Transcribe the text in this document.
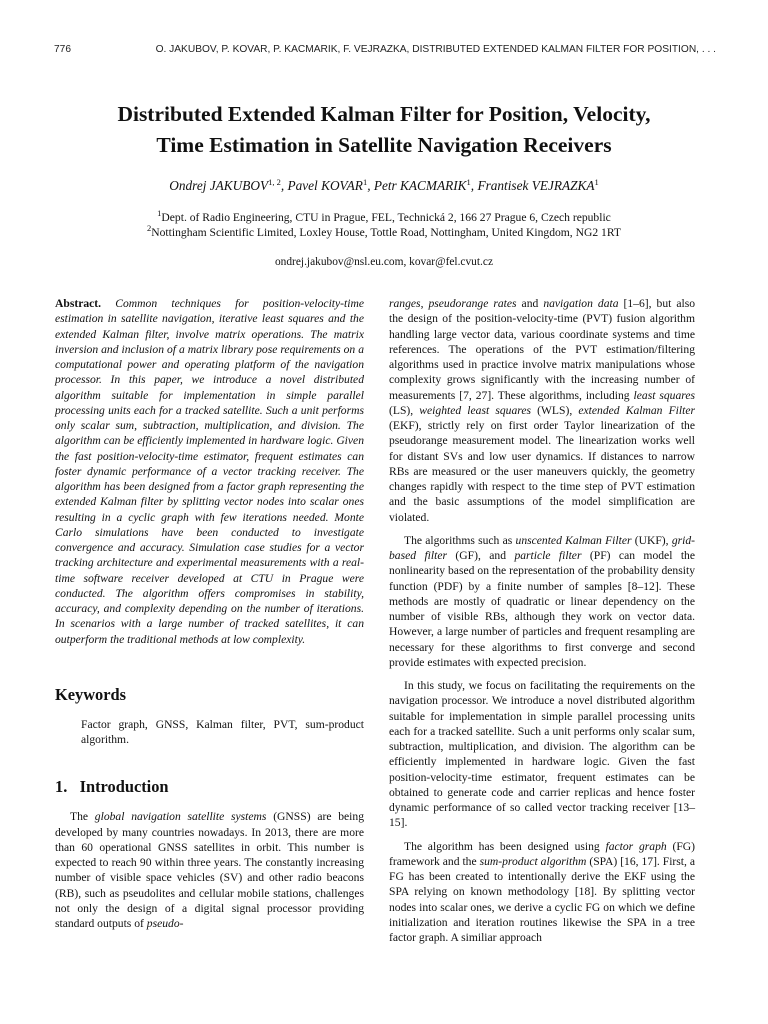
776	O. JAKUBOV, P. KOVAR, P. KACMARIK, F. VEJRAZKA, DISTRIBUTED EXTENDED KALMAN FILTER FOR POSITION, . . .
Distributed Extended Kalman Filter for Position, Velocity,
Time Estimation in Satellite Navigation Receivers
Ondrej JAKUBOV$^{1, 2}$, Pavel KOVAR$^1$, Petr KACMARIK$^1$, Frantisek VEJRAZKA$^1$
$^1$Dept. of Radio Engineering, CTU in Prague, FEL, Technická 2, 166 27 Prague 6, Czech republic
$^2$Nottingham Scientific Limited, Loxley House, Tottle Road, Nottingham, United Kingdom, NG2 1RT
ondrej.jakubov@nsl.eu.com, kovar@fel.cvut.cz

Abstract. Common techniques for position-velocity-time estimation in satellite navigation, iterative least squares and the extended Kalman filter, involve matrix operations. The matrix inversion and inclusion of a matrix library pose requirements on a computational power and operating platform of the navigation processor. In this paper, we introduce a novel distributed algorithm suitable for implementation in simple parallel processing units each for a tracked satellite. Such a unit performs only scalar sum, subtraction, multiplication, and division. The algorithm can be efficiently implemented in hardware logic. Given the fast position-velocity-time estimator, frequent estimates can foster dynamic performance of a vector tracking receiver. The algorithm has been designed from a factor graph representing the extended Kalman filter by splitting vector nodes into scalar ones resulting in a cyclic graph with few iterations needed. Monte Carlo simulations have been conducted to investigate convergence and accuracy. Simulation case studies for a vector tracking architecture and experimental measurements with a real-time software receiver developed at CTU in Prague were conducted. The algorithm offers compromises in stability, accuracy, and complexity depending on the number of iterations. In scenarios with a large number of tracked satellites, it can outperform the traditional methods at low complexity.

Keywords

Factor graph, GNSS, Kalman filter, PVT, sum-product algorithm.

1.   Introduction

The global navigation satellite systems (GNSS) are being developed by many countries nowadays. In 2013, there are more than 60 operational GNSS satellites in orbit. This number is expected to reach 90 within three years. The constantly increasing number of visible space vehicles (SV) and other radio beacons (RB), such as pseudolites and cellular mobile stations, challenges not only the design of a digital signal processor providing standard outputs of pseudo-

ranges, pseudorange rates and navigation data [1–6], but also the design of the position-velocity-time (PVT) fusion algorithm handling large vector data, various coordinate systems and time references. The operations of the PVT estimation/filtering algorithms used in practice involve matrix manipulations whose complexity grows significantly with the increasing number of measurements [7, 27]. These algorithms, including least squares (LS), weighted least squares (WLS), extended Kalman Filter (EKF), strictly rely on first order Taylor linearization of the pseudorange measurement model. The linearization works well for distant SVs and low user dynamics. If distances to narrow RBs are measured or the user maneuvers quickly, the geometry changes rapidly with respect to the time step of PVT estimation and the basic assumptions of the model simplification are violated.

The algorithms such as unscented Kalman Filter (UKF), grid-based filter (GF), and particle filter (PF) can model the nonlinearity based on the representation of the probability density function (PDF) by a finite number of samples [8–12]. These methods are mostly of quadratic or linear dependency on the number of visible RBs, although they work on vector data. However, a large number of particles and frequent resampling are necessary for these algorithms to first converge and second provide estimates with expected precision.

In this study, we focus on facilitating the requirements on the navigation processor. We introduce a novel distributed algorithm suitable for implementation in simple parallel processing units each for a tracked satellite. Such a unit performs only scalar sum, subtraction, multiplication, and division. The algorithm can be efficiently implemented in hardware logic. Given the fast position-velocity-time estimator, frequent estimates can be obtained to generate code and carrier replicas and hence foster dynamic performance of so called vector tracking receiver [13–15].

The algorithm has been designed using factor graph (FG) framework and the sum-product algorithm (SPA) [16, 17]. First, a FG has been created to intentionally derive the EKF using the SPA relying on known methodology [18]. By splitting vector nodes into scalar ones, we derive a cyclic FG on which we define initialization and iteration routines likewise the SPA in a tree factor graph. A similiar approach
